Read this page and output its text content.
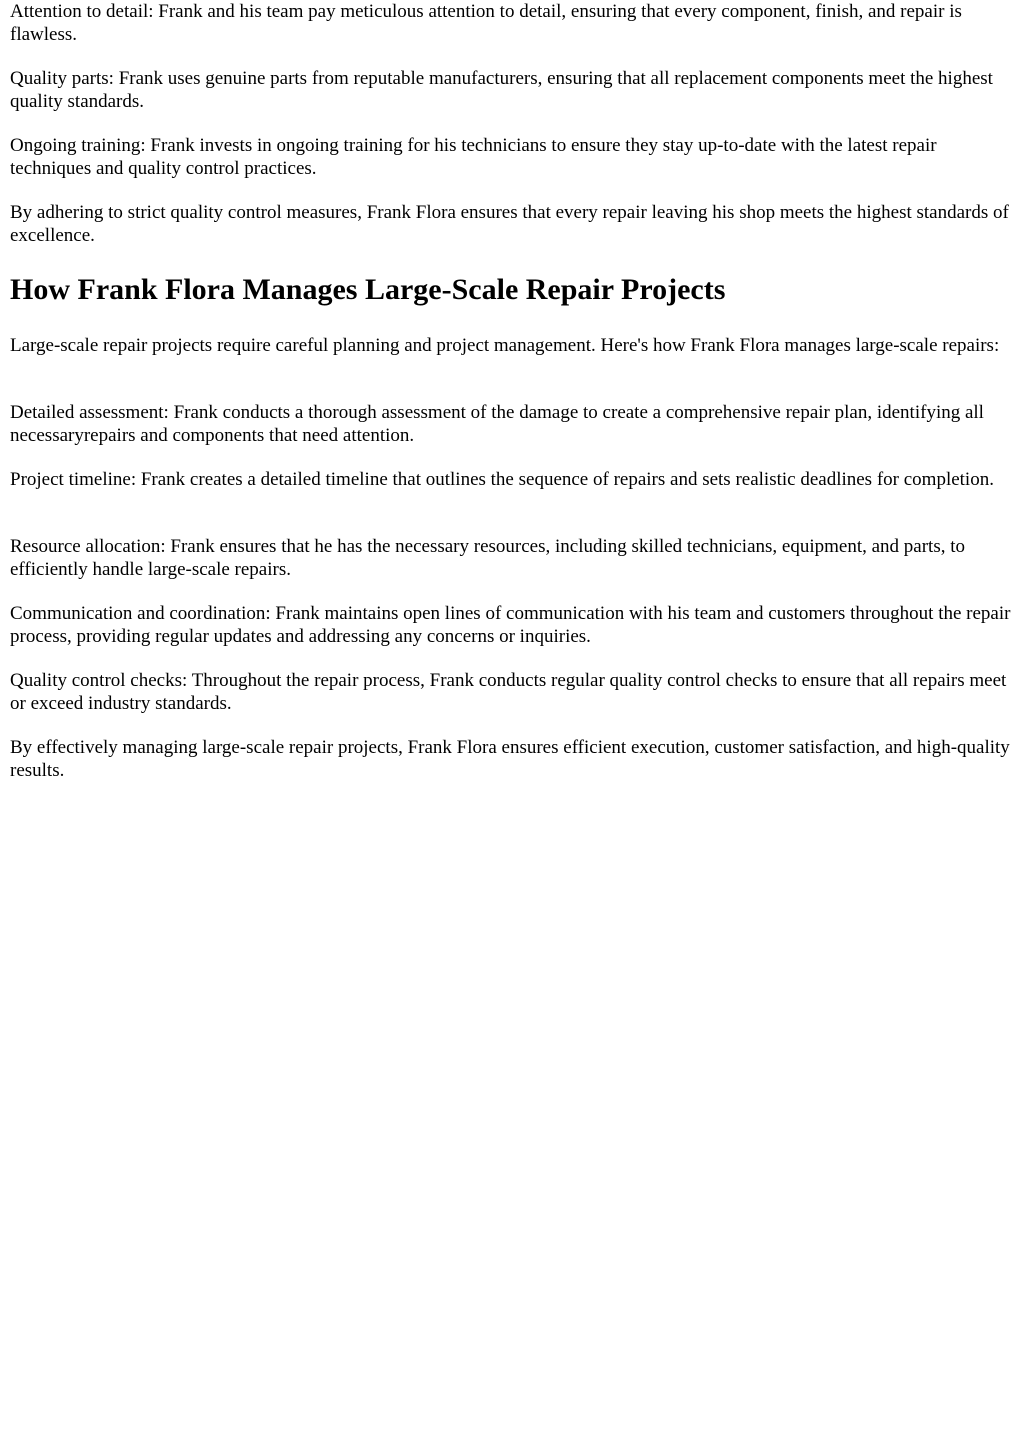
Attention to detail: Frank and his team pay meticulous attention to detail, ensuring that every component, finish, and repair is flawless.

Quality parts: Frank uses genuine parts from reputable manufacturers, ensuring that all replacement components meet the highest quality standards.

Ongoing training: Frank invests in ongoing training for his technicians to ensure they stay up-to-date with the latest repair techniques and quality control practices.

By adhering to strict quality control measures, Frank Flora ensures that every repair leaving his shop meets the highest standards of excellence.

How Frank Flora Manages Large-Scale Repair Projects

Large-scale repair projects require careful planning and project management. Here's how Frank Flora manages large-scale repairs:

Detailed assessment: Frank conducts a thorough assessment of the damage to create a comprehensive repair plan, identifying all necessaryrepairs and components that need attention.

Project timeline: Frank creates a detailed timeline that outlines the sequence of repairs and sets realistic deadlines for completion.

Resource allocation: Frank ensures that he has the necessary resources, including skilled technicians, equipment, and parts, to efficiently handle large-scale repairs.

Communication and coordination: Frank maintains open lines of communication with his team and customers throughout the repair process, providing regular updates and addressing any concerns or inquiries.

Quality control checks: Throughout the repair process, Frank conducts regular quality control checks to ensure that all repairs meet or exceed industry standards.

By effectively managing large-scale repair projects, Frank Flora ensures efficient execution, customer satisfaction, and high-quality results.
